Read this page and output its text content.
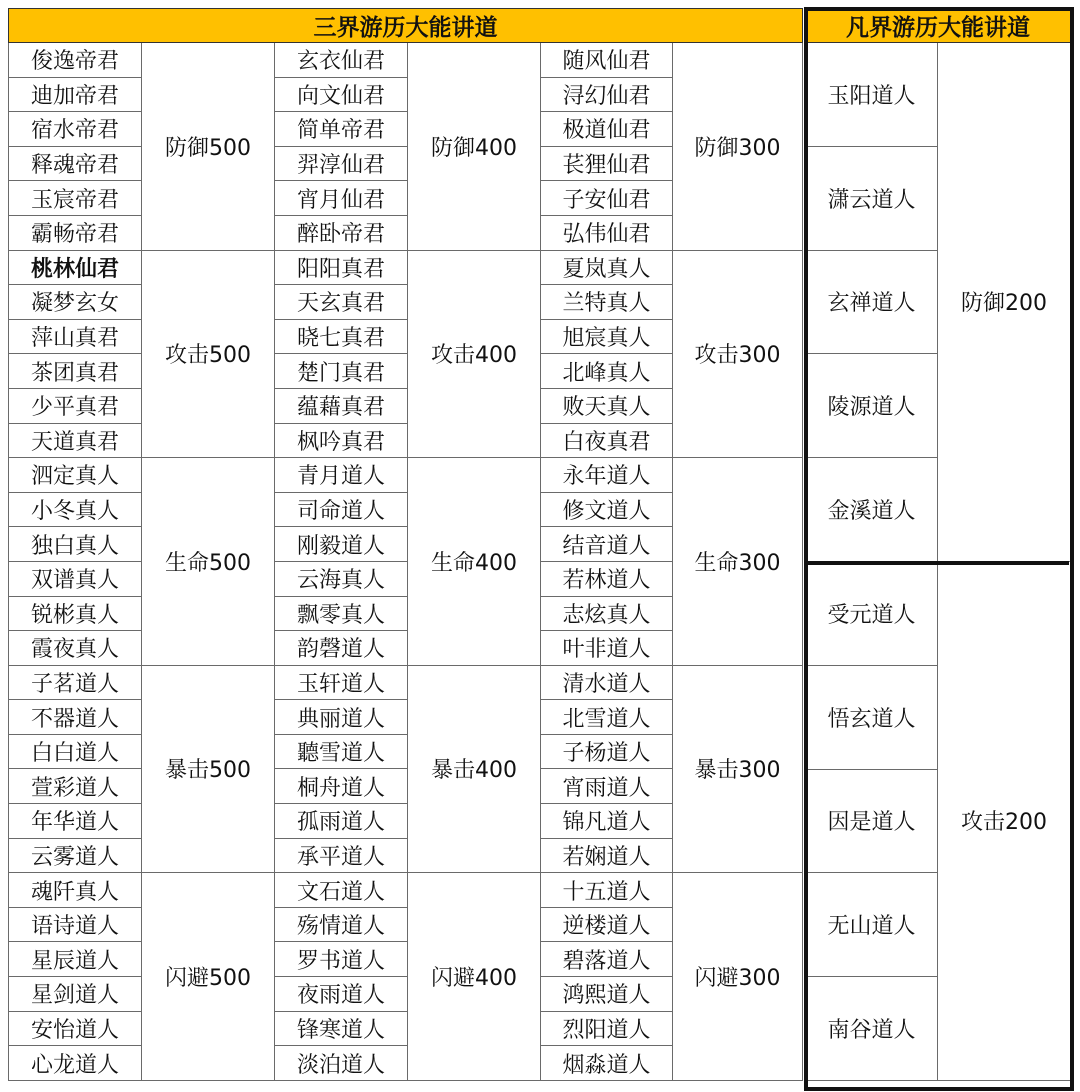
三界游历大能讲道					
俊逸帝君	防御500	玄衣仙君	防御400	随风仙君	防御300
迪加帝君		向文仙君		浔幻仙君	
宿水帝君		简单帝君		极道仙君	
释魂帝君		羿淳仙君		苌狸仙君	
玉宸帝君		宵月仙君		子安仙君	
霸畅帝君		醉卧帝君		弘伟仙君	
桃林仙君	攻击500	阳阳真君	攻击400	夏岚真人	攻击300
凝梦玄女		天玄真君		兰特真人	
萍山真君		晓七真君		旭宸真人	
茶团真君		楚门真君		北峰真人	
少平真君		蕴藉真君		败天真人	
天道真君		枫吟真君		白夜真君	
泗定真人	生命500	青月道人	生命400	永年道人	生命300
小冬真人		司命道人		修文道人	
独白真人		刚毅道人		结音道人	
双谱真人		云海真人		若林道人	
锐彬真人		飘零真人		志炫真人	
霞夜真人		韵磬道人		叶非道人	
子茗道人	暴击500	玉轩道人	暴击400	清水道人	暴击300
不器道人		典丽道人		北雪道人	
白白道人		聽雪道人		子杨道人	
萱彩道人		桐舟道人		宵雨道人	
年华道人		孤雨道人		锦凡道人	
云雾道人		承平道人		若娴道人	
魂阡真人	闪避500	文石道人	闪避400	十五道人	闪避300
语诗道人		殇情道人		逆楼道人	
星辰道人		罗书道人		碧落道人	
星剑道人		夜雨道人		鸿熙道人	
安怡道人		锋寒道人		烈阳道人	
心龙道人		淡泊道人		烟淼道人	
凡界游历大能讲道	
玉阳道人	防御200
潇云道人	
玄禅道人	
陵源道人	
金溪道人	
受元道人	攻击200
悟玄道人	
因是道人	
无山道人	
南谷道人	
